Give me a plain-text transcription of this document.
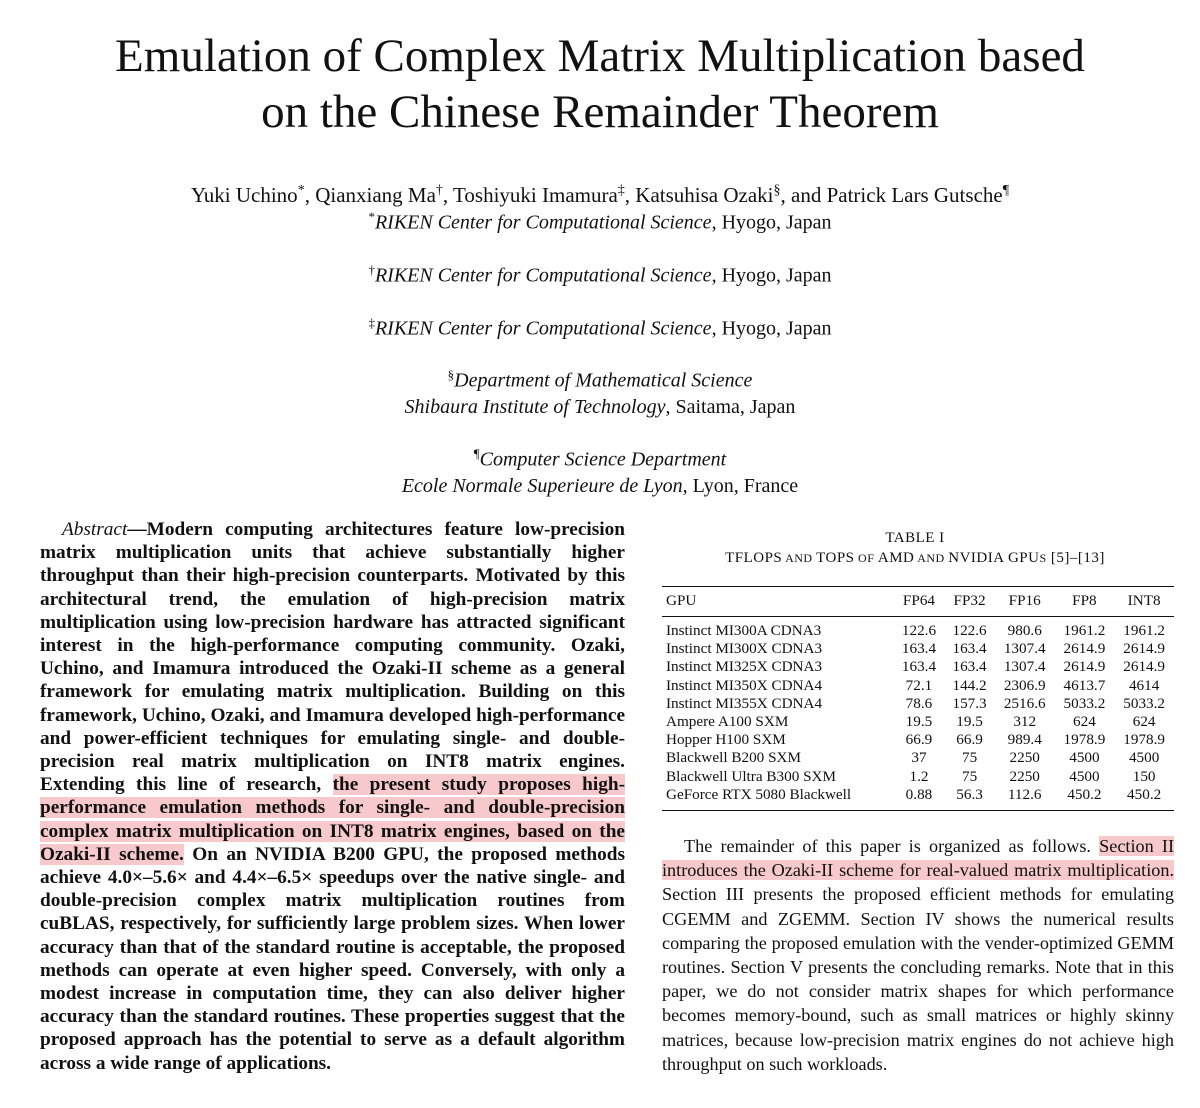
Emulation of Complex Matrix Multiplication based
on the Chinese Remainder Theorem
Yuki Uchino*, Qianxiang Ma†, Toshiyuki Imamura‡, Katsuhisa Ozaki§, and Patrick Lars Gutsche¶
*RIKEN Center for Computational Science, Hyogo, Japan
†RIKEN Center for Computational Science, Hyogo, Japan
‡RIKEN Center for Computational Science, Hyogo, Japan
§Department of Mathematical Science
Shibaura Institute of Technology, Saitama, Japan
¶Computer Science Department
Ecole Normale Superieure de Lyon, Lyon, France
Abstract—Modern computing architectures feature low-precision matrix multiplication units that achieve substantially higher throughput than their high-precision counterparts. Motivated by this architectural trend, the emulation of high-precision matrix multiplication using low-precision hardware has attracted significant interest in the high-performance computing community. Ozaki, Uchino, and Imamura introduced the Ozaki-II scheme as a general framework for emulating matrix multiplication. Building on this framework, Uchino, Ozaki, and Imamura developed high-performance and power-efficient techniques for emulating single- and double-precision real matrix multiplication on INT8 matrix engines. Extending this line of research, the present study proposes high-performance emulation methods for single- and double-precision complex matrix multiplication on INT8 matrix engines, based on the Ozaki-II scheme. On an NVIDIA B200 GPU, the proposed methods achieve 4.0×–5.6× and 4.4×–6.5× speedups over the native single- and double-precision complex matrix multiplication routines from cuBLAS, respectively, for sufficiently large problem sizes. When lower accuracy than that of the standard routine is acceptable, the proposed methods can operate at even higher speed. Conversely, with only a modest increase in computation time, they can also deliver higher accuracy than the standard routines. These properties suggest that the proposed approach has the potential to serve as a default algorithm across a wide range of applications.
TABLE I
TFLOPS AND TOPS OF AMD AND NVIDIA GPUS [5]–[13]
GPU	FP64	FP32	FP16	FP8	INT8
Instinct MI300A CDNA3	122.6	122.6	980.6	1961.2	1961.2
Instinct MI300X CDNA3	163.4	163.4	1307.4	2614.9	2614.9
Instinct MI325X CDNA3	163.4	163.4	1307.4	2614.9	2614.9
Instinct MI350X CDNA4	72.1	144.2	2306.9	4613.7	4614
Instinct MI355X CDNA4	78.6	157.3	2516.6	5033.2	5033.2
Ampere A100 SXM	19.5	19.5	312	624	624
Hopper H100 SXM	66.9	66.9	989.4	1978.9	1978.9
Blackwell B200 SXM	37	75	2250	4500	4500
Blackwell Ultra B300 SXM	1.2	75	2250	4500	150
GeForce RTX 5080 Blackwell	0.88	56.3	112.6	450.2	450.2

The remainder of this paper is organized as follows. Section II introduces the Ozaki-II scheme for real-valued matrix multiplication. Section III presents the proposed efficient methods for emulating CGEMM and ZGEMM. Section IV shows the numerical results comparing the proposed emulation with the vender-optimized GEMM routines. Section V presents the concluding remarks. Note that in this paper, we do not consider matrix shapes for which performance becomes memory-bound, such as small matrices or highly skinny matrices, because low-precision matrix engines do not achieve high throughput on such workloads.
